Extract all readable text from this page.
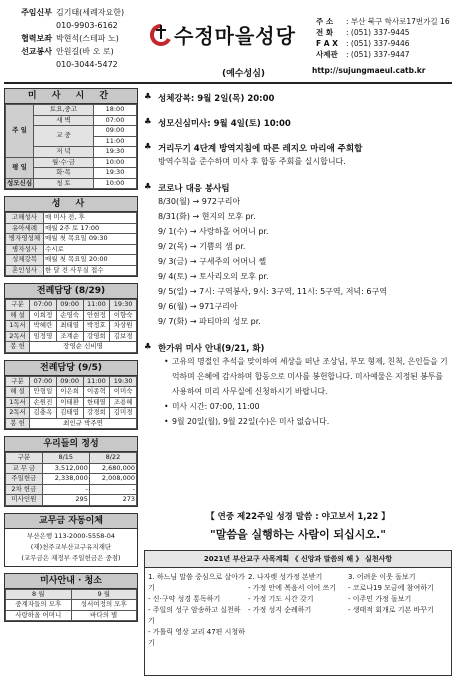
주임신부 김기태(세례자요한)
010-9903-6162
협력보좌 박현석(스테파 노)
선교봉사 안원길(바 오 로)
010-3044-5472
수정마을성당
(예수성심)
주 소	: 부산 북구 학사로17번가길 16
전 화	: (051) 337-9445
F A X	: (051) 337-9446
사제관	: (051) 337-9447
http://sujungmaeul.catb.kr
미 사 시 간
주 일	토요,중고	18:00
	새 벽	07:00
	교 중	09:00
		11:00
	저 녁	19:30
평 일	월·수·금	10:00
	화·목	19:30
성모신심	청 토	10:00
성 사
고해성사	매 미사 전, 후
유아세례	매월 2주 토 17:00
병자영성체	매월 첫 목요일 09:30
병자성사	수시로
성체강복	매월 첫 목요일 20:00
혼인성사	한 달 전 사무실 접수
전례담당 (8/29)
구분	07:00	09:00	11:00	19:30
해 설	이희정	손영숙	안현정	이향숙
1독서	박혜란	최태열	박정호	차상원
2독서	임정영	조계순	강영희	김보경
봉 헌	장영순 신비명			
전례담당 (9/5)
구분	07:00	09:00	11:00	19:30
해 설	안형일	이은희	이종혁	이미숙
1독서	손원진	이태환	한태열	조용혜
2독서	김충옥	김태엽	강경희	김미경
봉 헌	최인규 박주연			
우리들의 정성
구분	8/15	8/22
교 무 금	3,512,000	2,680,000
주일헌금	2,338,000	2,008,000
2차 헌금	-	-
미사인원	295	273
교무금 자동이체
부산은행 113-2000-5558-04
(재)천주교부산교구유지재단
(교무금은 재정부 주일헌금은 중점)
미사안내 · 청소
8 월	9 월
중계자들의 모후	성서여정의 모후
사랑하올 어머니	바다의 별
♣ 성체강복: 9월 2일(목) 20:00
♣ 성모신심미사: 9월 4일(토) 10:00
♣ 거리두기 4단계 방역지침에 따른 레지오 마리애 주회합
방역수칙을 준수하며 미사 후 합동 주회를 실시합니다.
♣ 코로나 대응 봉사팀
8/30(월) → 972구리아
8/31(화) → 현지의 모후 pr.
9/ 1(수) → 사랑하올 어머니 pr.
9/ 2(목) → 기쁨의 샘 pr.
9/ 3(금) → 구세주의 어머니 쎌
9/ 4(토) → 토사리오의 모후 pr.
9/ 5(일) → 7시: 구역봉사, 9시: 3구역, 11시: 5구역, 저녁: 6구역
9/ 6(월) → 971구리아
9/ 7(화) → 파티마의 성모 pr.
♣ 한가위 미사 안내(9/21, 화)
• 고유의 명절인 추석을 맞이하여 세상을 떠난 조상님, 부모 형제, 친척, 은인들을 기억하며 은혜에 감사하며 합동으로 미사를 봉헌합니다. 미사예물은 지정된 봉투를 사용하여 미리 사무실에 신청하시기 바랍니다.
• 미사 시간: 07:00, 11:00
• 9월 20일(월), 9월 22일(수)은 미사 없습니다.
【 연중 제22주일 성경 말씀 : 야고보서 1,22 】
"말씀을 실행하는 사람이 되십시오."
2021년 부산교구 사목계획 《 신앙과 말씀의 해 》 실천사항
1. 하느님 말씀 중심으로 살아가기
- 신·구약 성경 통독하기
- 주일의 성구 암송하고 실천하기
- 가톨릭 영상 교리 47편 시청하기
2. 나자렛 성가정 본받기
- 가정 안에 복음서 이어 쓰기
- 가정 기도 시간 갖기
- 가정 성지 순례하기
3. 어려운 이웃 돌보기
- 코로나19 모금에 참여하기
- 이주민 가정 돌보기
- 생태적 회개로 기본 바꾸기
